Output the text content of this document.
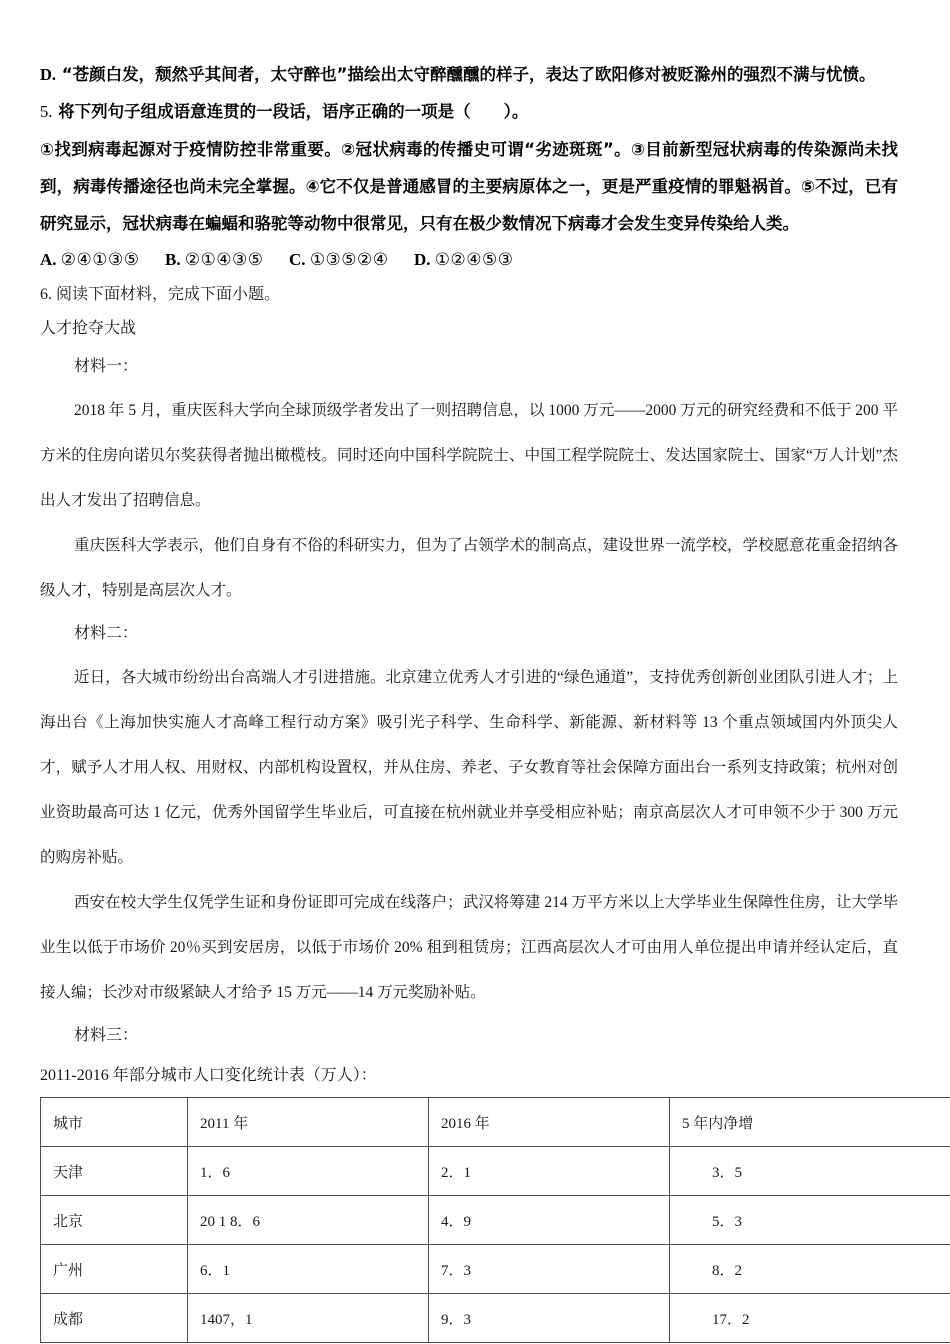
D. “苍颜白发，颓然乎其间者，太守醉也”描绘出太守醉醺醺的样子，表达了欧阳修对被贬滁州的强烈不满与忧愤。

5. 将下列句子组成语意连贯的一段话，语序正确的一项是（　　）。

①找到病毒起源对于疫情防控非常重要。②冠状病毒的传播史可谓“劣迹斑斑”。③目前新型冠状病毒的传染源尚未找到，病毒传播途径也尚未完全掌握。④它不仅是普通感冒的主要病原体之一，更是严重疫情的罪魁祸首。⑤不过，已有研究显示，冠状病毒在蝙蝠和骆驼等动物中很常见，只有在极少数情况下病毒才会发生变异传染给人类。

A. ②④①③⑤ B. ②①④③⑤ C. ①③⑤②④ D. ①②④⑤③

6. 阅读下面材料，完成下面小题。

人才抢夺大战

材料一：

2018 年 5 月，重庆医科大学向全球顶级学者发出了一则招聘信息，以 1000 万元——2000 万元的研究经费和不低于 200 平方米的住房向诺贝尔奖获得者抛出橄榄枝。同时还向中国科学院院士、中国工程学院院士、发达国家院士、国家“万人计划”杰出人才发出了招聘信息。

重庆医科大学表示，他们自身有不俗的科研实力，但为了占领学术的制高点，建设世界一流学校，学校愿意花重金招纳各级人才，特别是高层次人才。

材料二：

近日，各大城市纷纷出台高端人才引进措施。北京建立优秀人才引进的“绿色通道”，支持优秀创新创业团队引进人才；上海出台《上海加快实施人才高峰工程行动方案》吸引光子科学、生命科学、新能源、新材料等 13 个重点领域国内外顶尖人才，赋予人才用人权、用财权、内部机构设置权，并从住房、养老、子女教育等社会保障方面出台一系列支持政策；杭州对创业资助最高可达 1 亿元，优秀外国留学生毕业后，可直接在杭州就业并享受相应补贴；南京高层次人才可申领不少于 300 万元的购房补贴。

西安在校大学生仅凭学生证和身份证即可完成在线落户；武汉将筹建 214 万平方米以上大学毕业生保障性住房，让大学毕业生以低于市场价 20％买到安居房，以低于市场价 20% 租到租赁房；江西高层次人才可由用人单位提出申请并经认定后，直接人编；长沙对市级紧缺人才给予 15 万元——14 万元奖励补贴。

材料三：

2011-2016 年部分城市人口变化统计表（万人）：

城市	2011 年	2016 年	5 年内净增
天津	1．6	2．1	3．5
北京	20 1 8．6	4．9	5．3
广州	6．1	7．3	8．2
成都	1407，1	9．3	17．2
